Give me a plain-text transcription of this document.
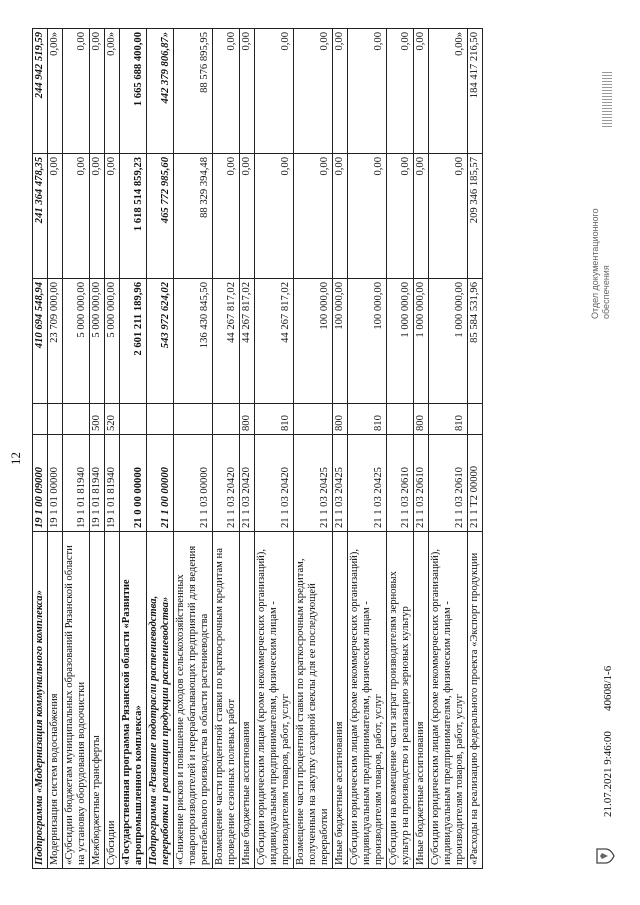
12
Подпрограмма «Модернизация коммунального комплекса»	19 1 00 09000		410 694 548,94	241 364 478,35	244 942 519,59
Модернизация систем водоснабжения	19 1 01 00000		23 709 000,00	0,00	0,00»
«Субсидии бюджетам муниципальных образований Рязанской области на установку оборудования водоочистки	19 1 01 81940		5 000 000,00	0,00	0,00
Межбюджетные трансферты	19 1 01 81940	500	5 000 000,00	0,00	0,00
Субсидии	19 1 01 81940	520	5 000 000,00	0,00	0,00»
«Государственная программа Рязанской области «Развитие агропромышленного комплекса»	21 0 00 00000		2 601 211 189,96	1 618 514 859,23	1 665 688 400,00
Подпрограмма «Развитие подотрасли растениеводства, переработки и реализации продукции растениеводства»	21 1 00 00000		543 972 624,02	465 772 985,60	442 379 806,87»
«Снижение рисков и повышение доходов сельскохозяйственных товаропроизводителей и перерабатывающих предприятий для ведения рентабельного производства в области растениеводства	21 1 03 00000		136 430 845,50	88 329 394,48	88 576 895,95
Возмещение части процентной ставки по краткосрочным кредитам на проведение сезонных полевых работ	21 1 03 20420		44 267 817,02	0,00	0,00
Иные бюджетные ассигнования	21 1 03 20420	800	44 267 817,02	0,00	0,00
Субсидии юридическим лицам (кроме некоммерческих организаций), индивидуальным предпринимателям, физическим лицам - производителям товаров, работ, услуг	21 1 03 20420	810	44 267 817,02	0,00	0,00
Возмещение части процентной ставки по краткосрочным кредитам, полученным на закупку сахарной свеклы для ее последующей переработки	21 1 03 20425		100 000,00	0,00	0,00
Иные бюджетные ассигнования	21 1 03 20425	800	100 000,00	0,00	0,00
Субсидии юридическим лицам (кроме некоммерческих организаций), индивидуальным предпринимателям, физическим лицам - производителям товаров, работ, услуг	21 1 03 20425	810	100 000,00	0,00	0,00
Субсидии на возмещение части затрат производителям зерновых культур на производство и реализацию зерновых культур	21 1 03 20610		1 000 000,00	0,00	0,00
Иные бюджетные ассигнования	21 1 03 20610	800	1 000 000,00	0,00	0,00
Субсидии юридическим лицам (кроме некоммерческих организаций), индивидуальным предпринимателям, физическим лицам - производителям товаров, работ, услуг	21 1 03 20610	810	1 000 000,00	0,00	0,00»
«Расходы на реализацию федерального проекта «Экспорт продукции	21 1 Т2 00000		85 584 531,96	209 346 185,57	184 417 216,50
21.07.2021 9:46:00
40608/1-6
Отдел документационного обеспечения
